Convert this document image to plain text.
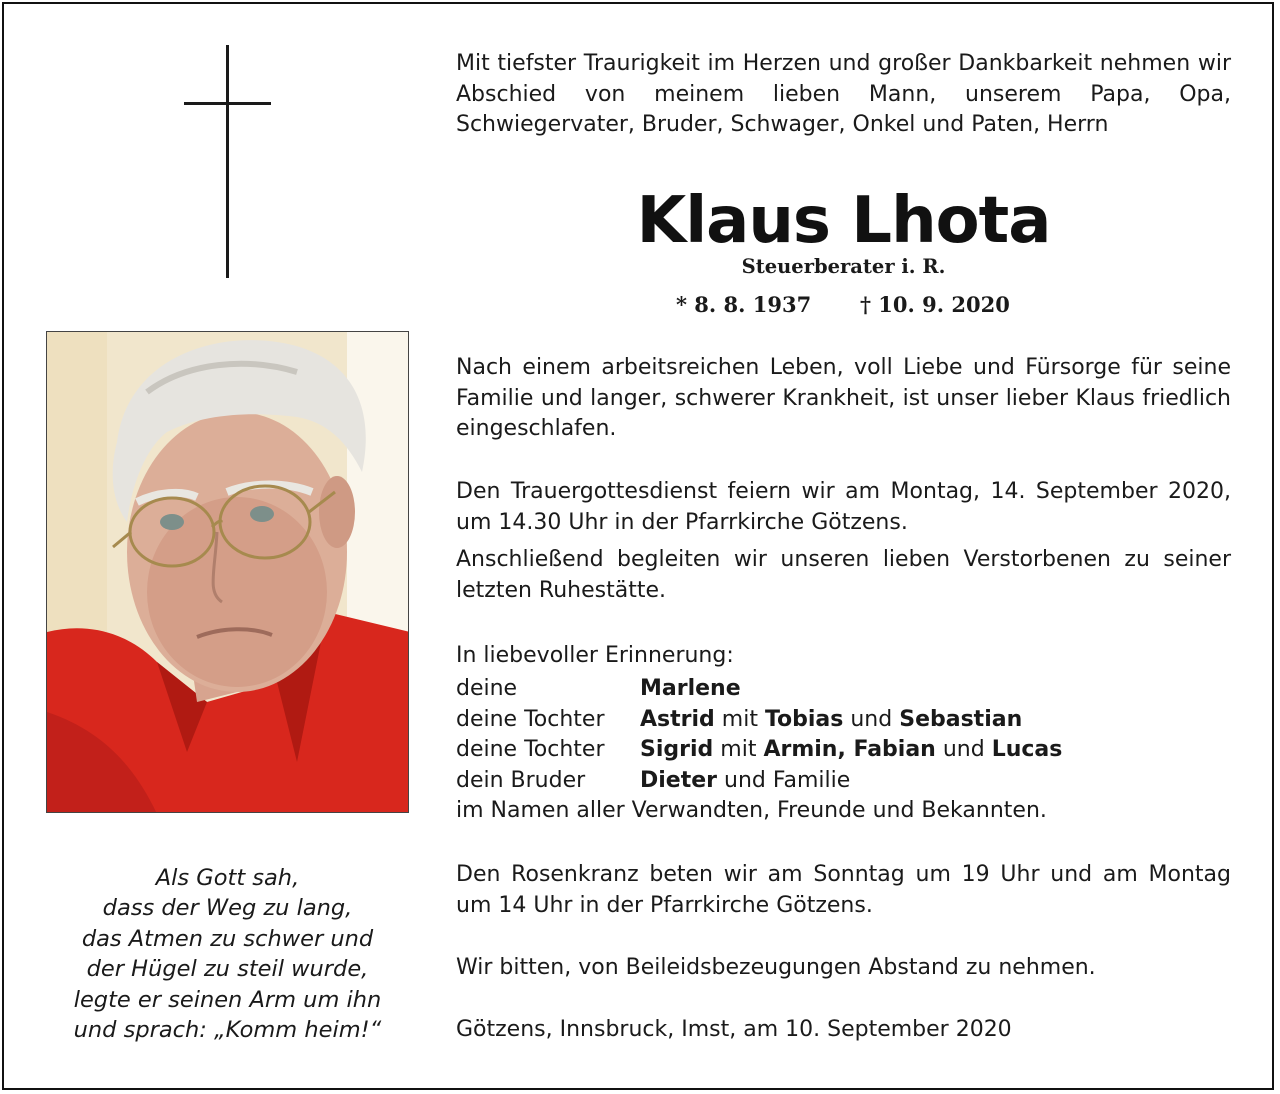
Als Gott sah,
dass der Weg zu lang,
das Atmen zu schwer und
der Hügel zu steil wurde,
legte er seinen Arm um ihn
und sprach: „Komm heim!“
Mit tiefster Traurigkeit im Herzen und großer Dankbarkeit nehmen wir Abschied von meinem lieben Mann, unserem Papa, Opa, Schwiegervater, Bruder, Schwager, Onkel und Paten, Herrn
Klaus Lhota
Steuerberater i. R.
* 8. 8. 1937 † 10. 9. 2020
Nach einem arbeitsreichen Leben, voll Liebe und Fürsorge für seine Familie und langer, schwerer Krankheit, ist unser lieber Klaus friedlich eingeschlafen.
Den Trauergottesdienst feiern wir am Montag, 14. September 2020, um 14.30 Uhr in der Pfarrkirche Götzens.
Anschließend begleiten wir unseren lieben Verstorbenen zu seiner letzten Ruhestätte.
In liebevoller Erinnerung:
deine	Marlene
deine Tochter Astrid mit Tobias und Sebastian
deine Tochter Sigrid mit Armin, Fabian und Lucas
dein Bruder Dieter und Familie
im Namen aller Verwandten, Freunde und Bekannten.
Den Rosenkranz beten wir am Sonntag um 19 Uhr und am Montag um 14 Uhr in der Pfarrkirche Götzens.
Wir bitten, von Beileidsbezeugungen Abstand zu nehmen.
Götzens, Innsbruck, Imst, am 10. September 2020
